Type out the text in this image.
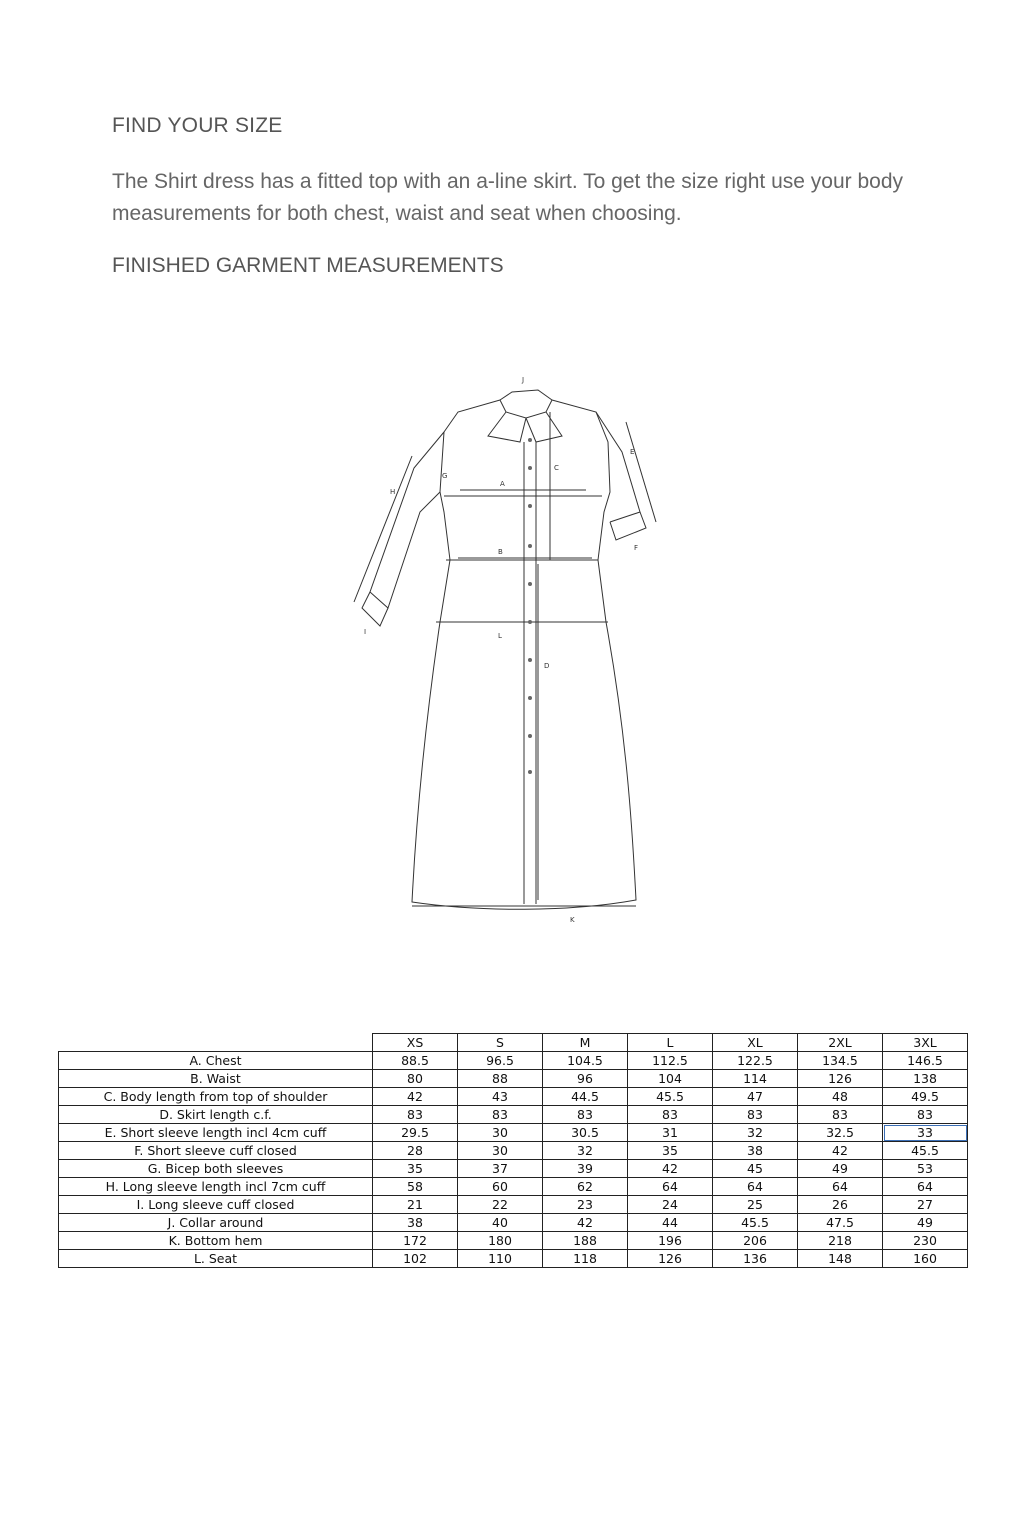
FIND YOUR SIZE
The Shirt dress has a fitted top with an a-line skirt. To get the size right use your body measurements for both chest, waist and seat when choosing.
FINISHED GARMENT MEASUREMENTS
A
B
C
D
E
F
G
H
I
J
K
L
	XS	S	M	L	XL	2XL	3XL
A. Chest	88.5	96.5	104.5	112.5	122.5	134.5	146.5
B. Waist	80	88	96	104	114	126	138
C. Body length from top of shoulder	42	43	44.5	45.5	47	48	49.5
D. Skirt length c.f.	83	83	83	83	83	83	83
E. Short sleeve length incl 4cm cuff	29.5	30	30.5	31	32	32.5	33
F. Short sleeve cuff closed	28	30	32	35	38	42	45.5
G. Bicep both sleeves	35	37	39	42	45	49	53
H. Long sleeve length incl 7cm cuff	58	60	62	64	64	64	64
I. Long sleeve cuff closed	21	22	23	24	25	26	27
J. Collar around	38	40	42	44	45.5	47.5	49
K. Bottom hem	172	180	188	196	206	218	230
L. Seat	102	110	118	126	136	148	160
